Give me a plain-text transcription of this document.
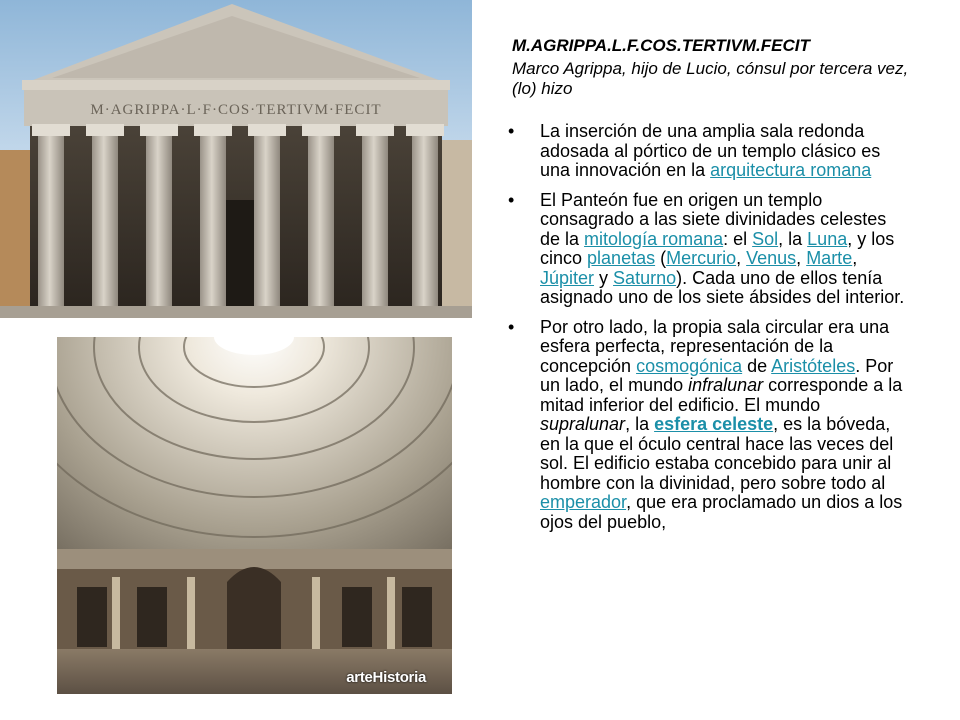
M·AGRIPPA·L·F·COS·TERTIVM·FECIT
arteHistoria
M.AGRIPPA.L.F.COS.TERTIVM.FECIT
Marco Agrippa, hijo de Lucio, cónsul por tercera vez, (lo) hizo
•	La inserción de una amplia sala redonda adosada al pórtico de un templo clásico es una innovación en la arquitectura romana
•	El Panteón fue en origen un templo consagrado a las siete divinidades celestes de la mitología romana: el Sol, la Luna, y los cinco planetas (Mercurio, Venus, Marte, Júpiter y Saturno). Cada uno de ellos tenía asignado uno de los siete ábsides del interior.
•	Por otro lado, la propia sala circular era una esfera perfecta, representación de la concepción cosmogónica de Aristóteles. Por un lado, el mundo infralunar corresponde a la mitad inferior del edificio. El mundo supralunar, la esfera celeste, es la bóveda, en la que el óculo central hace las veces del sol. El edificio estaba concebido para unir al hombre con la divinidad, pero sobre todo al emperador, que era proclamado un dios a los ojos del pueblo,
